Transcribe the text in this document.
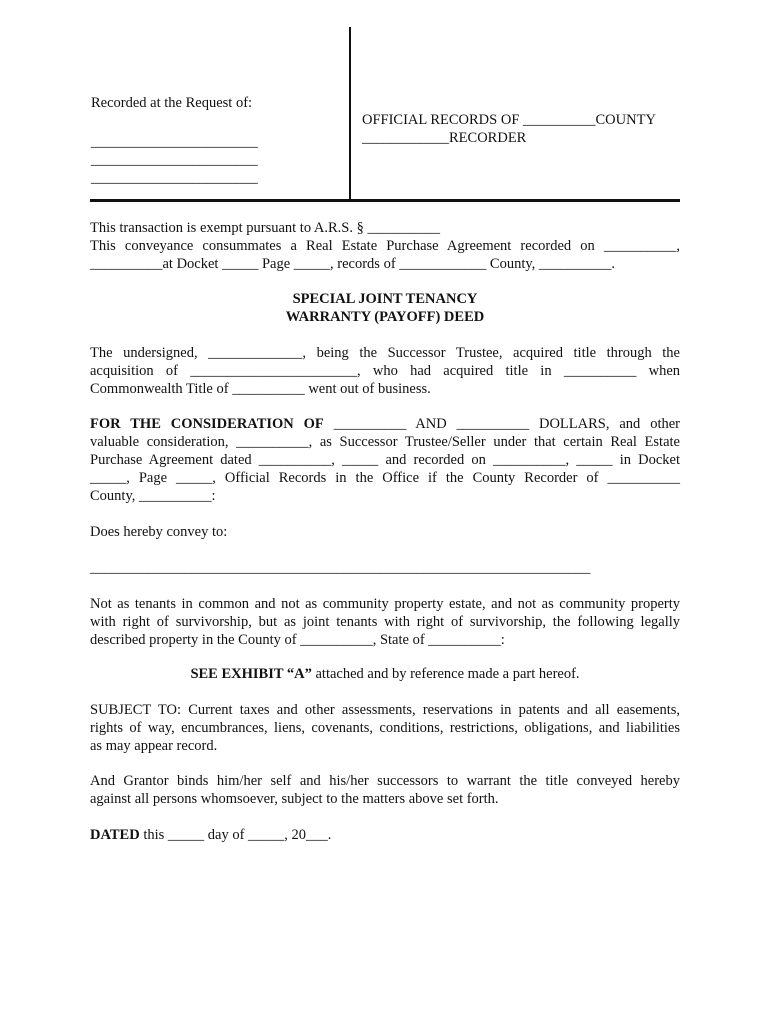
Recorded at the Request of:
_______________________
_______________________
_______________________
OFFICIAL RECORDS OF __________COUNTY
____________RECORDER
This transaction is exempt pursuant to A.R.S. § __________
This conveyance consummates a Real Estate Purchase Agreement recorded on __________,
__________at Docket _____ Page _____, records of ____________ County, __________.
SPECIAL JOINT TENANCY
WARRANTY (PAYOFF) DEED
The undersigned, _____________, being the Successor Trustee, acquired title through the
acquisition of _______________________, who had acquired title in __________ when
Commonwealth Title of __________ went out of business.
FOR THE CONSIDERATION OF __________ AND __________ DOLLARS, and other
valuable consideration, __________, as Successor Trustee/Seller under that certain Real Estate
Purchase Agreement dated __________, _____ and recorded on __________, _____ in Docket
_____, Page _____, Official Records in the Office if the County Recorder of __________
County, __________:
Does hereby convey to:
_____________________________________________________________________
Not as tenants in common and not as community property estate, and not as community property
with right of survivorship, but as joint tenants with right of survivorship, the following legally
described property in the County of __________, State of __________:
SEE EXHIBIT “A” attached and by reference made a part hereof.
SUBJECT TO: Current taxes and other assessments, reservations in patents and all easements,
rights of way, encumbrances, liens, covenants, conditions, restrictions, obligations, and liabilities
as may appear record.
And Grantor binds him/her self and his/her successors to warrant the title conveyed hereby
against all persons whomsoever, subject to the matters above set forth.
DATED this _____ day of _____, 20___.
